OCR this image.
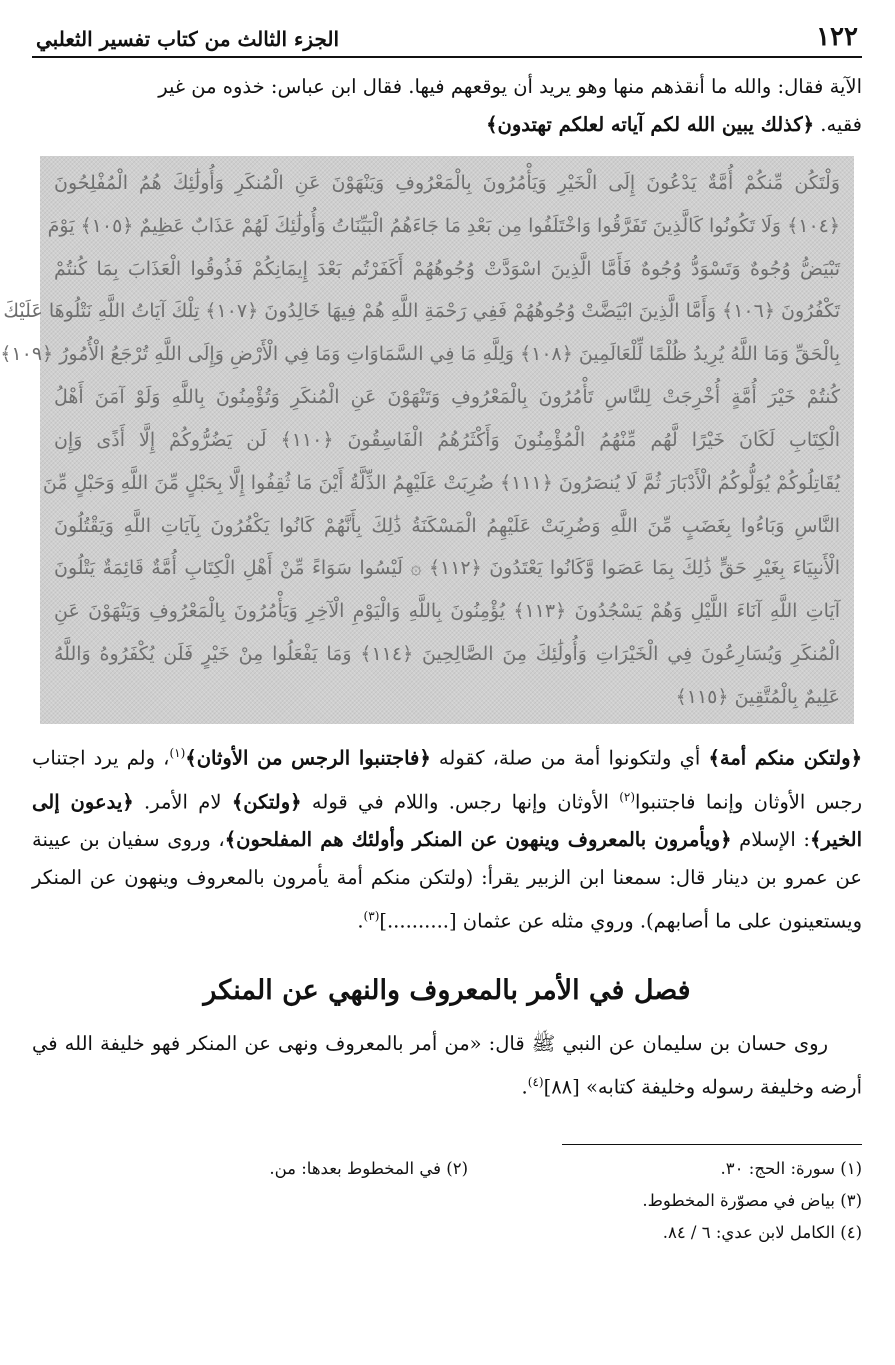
١٢٢
الجزء الثالث من كتاب تفسير الثعلبي

الآية فقال: والله ما أنقذهم منها وهو يريد أن يوقعهم فيها. فقال ابن عباس: خذوه من غير
فقيه. ﴿كذلك يبين الله لكم آياته لعلكم تهتدون﴾

وَلْتَكُن مِّنكُمْ أُمَّةٌ يَدْعُونَ إِلَى الْخَيْرِ وَيَأْمُرُونَ بِالْمَعْرُوفِ وَيَنْهَوْنَ عَنِ الْمُنكَرِ وَأُولَٰئِكَ هُمُ الْمُفْلِحُونَ
﴿١٠٤﴾ وَلَا تَكُونُوا كَالَّذِينَ تَفَرَّقُوا وَاخْتَلَفُوا مِن بَعْدِ مَا جَاءَهُمُ الْبَيِّنَاتُ وَأُولَٰئِكَ لَهُمْ عَذَابٌ عَظِيمٌ ﴿١٠٥﴾ يَوْمَ
تَبْيَضُّ وُجُوهٌ وَتَسْوَدُّ وُجُوهٌ فَأَمَّا الَّذِينَ اسْوَدَّتْ وُجُوهُهُمْ أَكَفَرْتُم بَعْدَ إِيمَانِكُمْ فَذُوقُوا الْعَذَابَ بِمَا كُنتُمْ
تَكْفُرُونَ ﴿١٠٦﴾ وَأَمَّا الَّذِينَ ابْيَضَّتْ وُجُوهُهُمْ فَفِي رَحْمَةِ اللَّهِ هُمْ فِيهَا خَالِدُونَ ﴿١٠٧﴾ تِلْكَ آيَاتُ اللَّهِ نَتْلُوهَا عَلَيْكَ
بِالْحَقِّ وَمَا اللَّهُ يُرِيدُ ظُلْمًا لِّلْعَالَمِينَ ﴿١٠٨﴾ وَلِلَّهِ مَا فِي السَّمَاوَاتِ وَمَا فِي الْأَرْضِ وَإِلَى اللَّهِ تُرْجَعُ الْأُمُورُ ﴿١٠٩﴾
كُنتُمْ خَيْرَ أُمَّةٍ أُخْرِجَتْ لِلنَّاسِ تَأْمُرُونَ بِالْمَعْرُوفِ وَتَنْهَوْنَ عَنِ الْمُنكَرِ وَتُؤْمِنُونَ بِاللَّهِ وَلَوْ آمَنَ أَهْلُ
الْكِتَابِ لَكَانَ خَيْرًا لَّهُم مِّنْهُمُ الْمُؤْمِنُونَ وَأَكْثَرُهُمُ الْفَاسِقُونَ ﴿١١٠﴾ لَن يَضُرُّوكُمْ إِلَّا أَذًى وَإِن
يُقَاتِلُوكُمْ يُوَلُّوكُمُ الْأَدْبَارَ ثُمَّ لَا يُنصَرُونَ ﴿١١١﴾ ضُرِبَتْ عَلَيْهِمُ الذِّلَّةُ أَيْنَ مَا ثُقِفُوا إِلَّا بِحَبْلٍ مِّنَ اللَّهِ وَحَبْلٍ مِّنَ
النَّاسِ وَبَاءُوا بِغَضَبٍ مِّنَ اللَّهِ وَضُرِبَتْ عَلَيْهِمُ الْمَسْكَنَةُ ذَٰلِكَ بِأَنَّهُمْ كَانُوا يَكْفُرُونَ بِآيَاتِ اللَّهِ وَيَقْتُلُونَ
الْأَنبِيَاءَ بِغَيْرِ حَقٍّ ذَٰلِكَ بِمَا عَصَوا وَّكَانُوا يَعْتَدُونَ ﴿١١٢﴾ ۞ لَيْسُوا سَوَاءً مِّنْ أَهْلِ الْكِتَابِ أُمَّةٌ قَائِمَةٌ يَتْلُونَ
آيَاتِ اللَّهِ آنَاءَ اللَّيْلِ وَهُمْ يَسْجُدُونَ ﴿١١٣﴾ يُؤْمِنُونَ بِاللَّهِ وَالْيَوْمِ الْآخِرِ وَيَأْمُرُونَ بِالْمَعْرُوفِ وَيَنْهَوْنَ عَنِ
الْمُنكَرِ وَيُسَارِعُونَ فِي الْخَيْرَاتِ وَأُولَٰئِكَ مِنَ الصَّالِحِينَ ﴿١١٤﴾ وَمَا يَفْعَلُوا مِنْ خَيْرٍ فَلَن يُكْفَرُوهُ وَاللَّهُ
عَلِيمٌ بِالْمُتَّقِينَ ﴿١١٥﴾

﴿ولتكن منكم أمة﴾ أي ولتكونوا أمة من صلة، كقوله ﴿فاجتنبوا الرجس من الأوثان﴾$^{(١)}$، ولم يرد اجتناب رجس الأوثان وإنما فاجتنبوا$^{(٢)}$ الأوثان وإنها رجس. واللام في قوله ﴿ولتكن﴾ لام الأمر. ﴿يدعون إلى الخير﴾: الإسلام ﴿ويأمرون بالمعروف وينهون عن المنكر وأولئك هم المفلحون﴾، وروى سفيان بن عيينة عن عمرو بن دينار قال: سمعنا ابن الزبير يقرأ: (ولتكن منكم أمة يأمرون بالمعروف وينهون عن المنكر ويستعينون على ما أصابهم). وروي مثله عن عثمان [..........]$^{(٣)}$.

فصل في الأمر بالمعروف والنهي عن المنكر

روى حسان بن سليمان عن النبي ﷺ قال: «من أمر بالمعروف ونهى عن المنكر فهو خليفة الله في أرضه وخليفة رسوله وخليفة كتابه» [٨٨]$^{(٤)}$.

(١) سورة: الحج: ٣٠.
(٢) في المخطوط بعدها: من.
(٣) بياض في مصوّرة المخطوط.
(٤) الكامل لابن عدي: ٦ / ٨٤.
